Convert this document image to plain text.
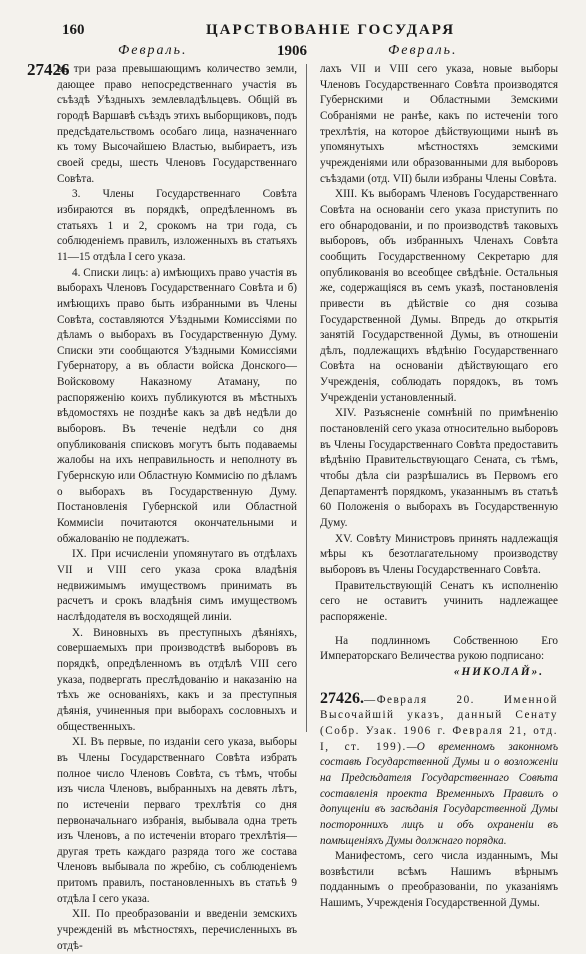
160	ЦАРСТВОВАНІЕ ГОСУДАРЯ
Февраль.	1906	Февраль.
27426

въ три раза превышающимъ количество земли, дающее право непосредственнаго участія въ съѣздѣ Уѣздныхъ землевладѣльцевъ. Общій въ городѣ Варшавѣ съѣздъ этихъ выборщиковъ, подъ предсѣдательствомъ особаго лица, назначеннаго къ тому Высочайшею Властью, выбираетъ, изъ своей среды, шесть Членовъ Государственнаго Совѣта.

3. Члены Государственнаго Совѣта избираются въ порядкѣ, опредѣленномъ въ статьяхъ 1 и 2, срокомъ на три года, съ соблюденіемъ правилъ, изложенныхъ въ статьяхъ 11—15 отдѣла I сего указа.

4. Списки лицъ: а) имѣющихъ право участія въ выборахъ Членовъ Государственнаго Совѣта и б) имѣющихъ право быть избранными въ Члены Совѣта, составляются Уѣздными Комиссіями по дѣламъ о выборахъ въ Государственную Думу. Списки эти сообщаются Уѣздными Комиссіями Губернатору, а въ области войска Донского—Войсковому Наказному Атаману, по распоряженію коихъ публикуются въ мѣстныхъ вѣдомостяхъ не позднѣе какъ за двѣ недѣли до выборовъ. Въ теченіе недѣли со дня опубликованія списковъ могутъ быть подаваемы жалобы на ихъ неправильность и неполноту въ Губернскую или Областную Коммисію по дѣламъ о выборахъ въ Государственную Думу. Постановленія Губернской или Областной Коммисіи почитаются окончательными и обжалованію не подлежатъ.

IX. При исчисленіи упомянутаго въ отдѣлахъ VII и VIII сего указа срока владѣнія недвижимымъ имуществомъ принимать въ расчетъ и срокъ владѣнія симъ имуществомъ наслѣдодателя въ восходящей линіи.

X. Виновныхъ въ преступныхъ дѣяніяхъ, совершаемыхъ при производствѣ выборовъ въ порядкѣ, опредѣленномъ въ отдѣлѣ VIII сего указа, подвергать преслѣдованію и наказанію на тѣхъ же основаніяхъ, какъ и за преступныя дѣянія, учиненныя при выборахъ сословныхъ и общественныхъ.

XI. Въ первые, по изданіи сего указа, выборы въ Члены Государственнаго Совѣта избрать полное число Членовъ Совѣта, съ тѣмъ, чтобы изъ числа Членовъ, выбранныхъ на девять лѣтъ, по истеченіи перваго трехлѣтія со дня первоначальнаго избранія, выбывала одна треть изъ Членовъ, а по истеченіи втораго трехлѣтія—другая треть каждаго разряда того же состава Членовъ выбывала по жребію, съ соблюденіемъ притомъ правилъ, постановленныхъ въ статьѣ 9 отдѣла I сего указа.

XII. По преобразованіи и введеніи земскихъ учрежденій въ мѣстностяхъ, перечисленныхъ въ отдѣ-

лахъ VII и VIII сего указа, новые выборы Членовъ Государственнаго Совѣта производятся Губернскими и Областными Земскими Собраніями не ранѣе, какъ по истеченіи того трехлѣтія, на которое дѣйствующими нынѣ въ упомянутыхъ мѣстностяхъ земскими учрежденіями или образованными для выборовъ съѣздами (отд. VII) были избраны Члены Совѣта.

XIII. Къ выборамъ Членовъ Государственнаго Совѣта на основаніи сего указа приступить по его обнародованіи, и по производствѣ таковыхъ выборовъ, объ избранныхъ Членахъ Совѣта сообщить Государственному Секретарю для опубликованія во всеобщее свѣдѣніе. Остальныя же, содержащіяся въ семъ указѣ, постановленія привести въ дѣйствіе со дня созыва Государственной Думы. Впредь до открытія занятій Государственной Думы, въ отношеніи дѣлъ, подлежащихъ вѣдѣнію Государственнаго Совѣта на основаніи дѣйствующаго его Учрежденія, соблюдать порядокъ, въ томъ Учрежденіи установленный.

XIV. Разъясненіе сомнѣній по примѣненію постановленій сего указа относительно выборовъ въ Члены Государственнаго Совѣта предоставить вѣдѣнію Правительствующаго Сената, съ тѣмъ, чтобы дѣла сіи разрѣшались въ Первомъ его Департаментѣ порядкомъ, указаннымъ въ статьѣ 60 Положенія о выборахъ въ Государственную Думу.

XV. Совѣту Министровъ принять надлежащія мѣры къ безотлагательному производству выборовъ въ Члены Государственнаго Совѣта.

Правительствующій Сенатъ къ исполненію сего не оставитъ учинить надлежащее распоряженіе.

На подлинномъ Собственною Его Императорскаго Величества рукою подписано:

«НИКОЛАЙ».

27426.—Февраля 20. Именной Высочайшій указъ, данный Сенату (Собр. Узак. 1906 г. Февраля 21, отд. I, ст. 199).—О временномъ законномъ составѣ Государственной Думы и о возложеніи на Предсѣдателя Государственнаго Совѣта составленія проекта Временныхъ Правилъ о допущеніи въ засѣданія Государственной Думы постороннихъ лицъ и объ охраненіи въ помѣщеніяхъ Думы должнаго порядка.

Манифестомъ, сего числа изданнымъ, Мы возвѣстили всѣмъ Нашимъ вѣрнымъ подданнымъ о преобразованіи, по указаніямъ Нашимъ, Учрежденія Государственной Думы.
